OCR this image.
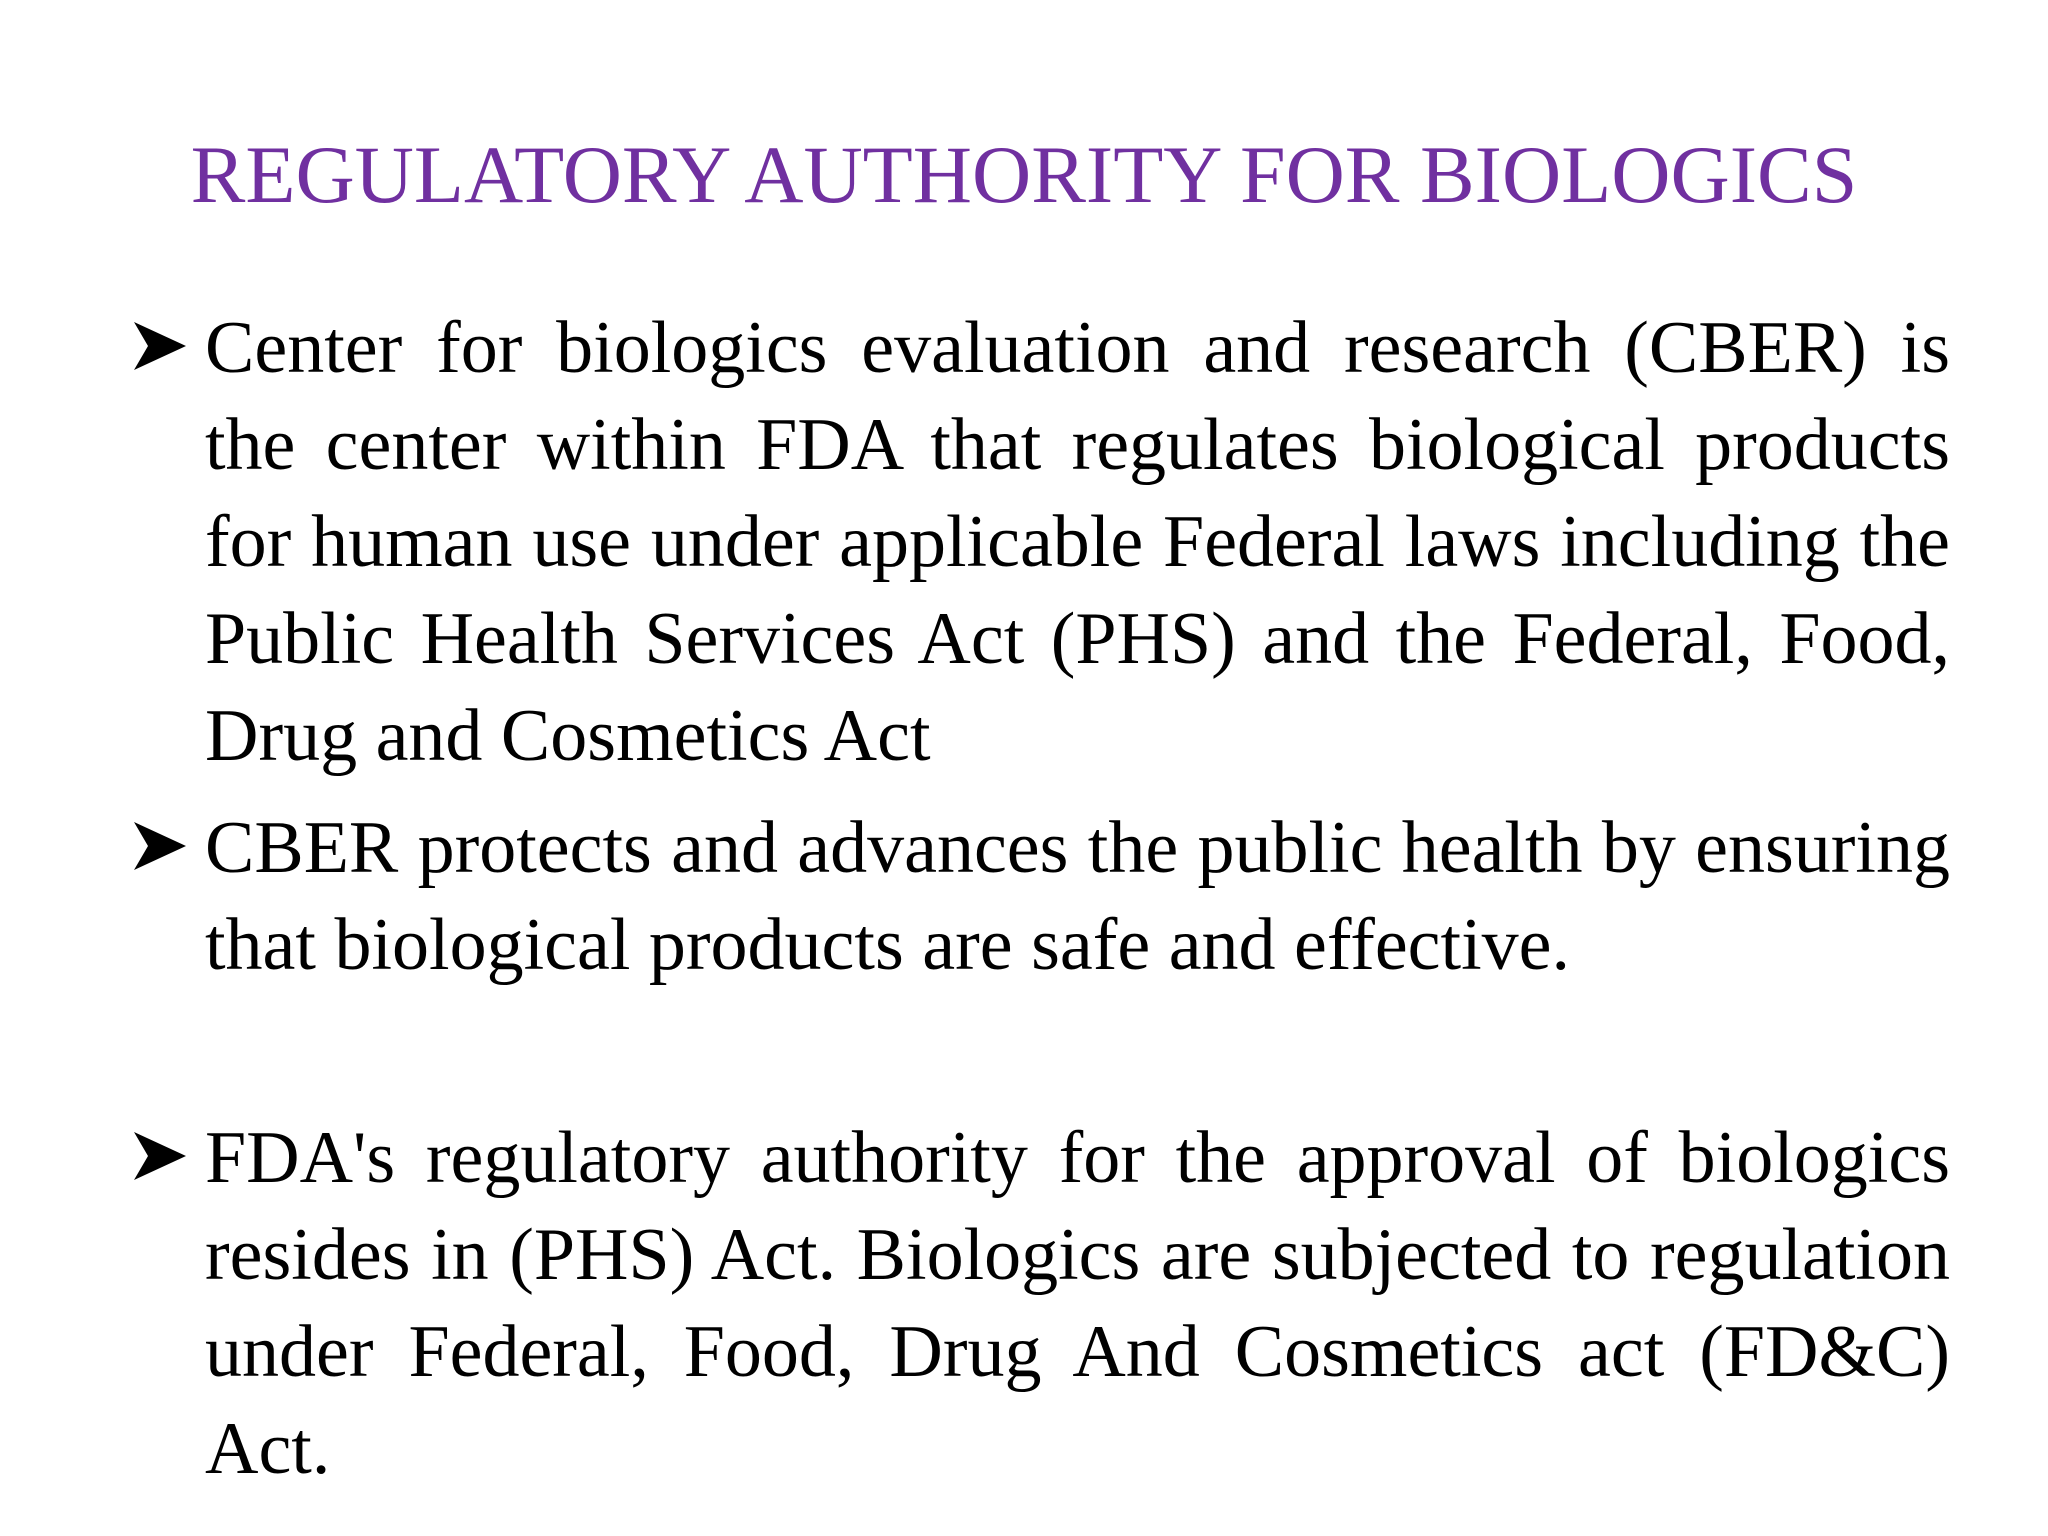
REGULATORY AUTHORITY FOR BIOLOGICS
Center for biologics evaluation and research (CBER) is the center within FDA that regulates biological products for human use under applicable Federal laws including the Public Health Services Act (PHS) and the Federal, Food, Drug and Cosmetics Act
CBER protects and advances the public health by ensuring that biological products are safe and effective.
FDA's regulatory authority for the approval of biologics resides in (PHS) Act. Biologics are subjected to regulation under Federal, Food, Drug And Cosmetics act (FD&C) Act.
